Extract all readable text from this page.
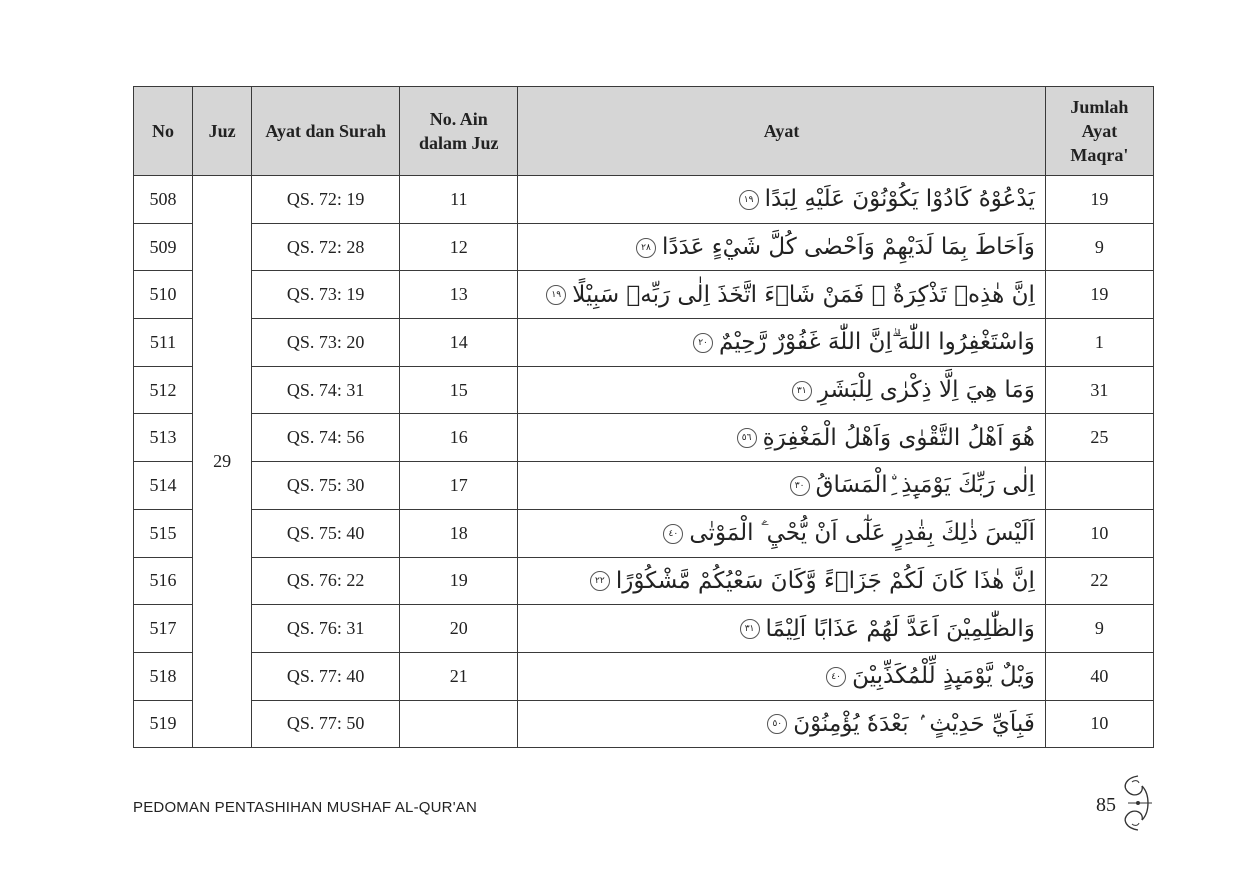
No	Juz	Ayat dan Surah	No. Ain dalam Juz	Ayat	Jumlah Ayat Maqra'
508	29	QS. 72: 19	11	يَدْعُوْهُ كَادُوْا يَكُوْنُوْنَ عَلَيْهِ لِبَدًا١٩	19
509		QS. 72: 28	12	وَاَحَاطَ بِمَا لَدَيْهِمْ وَاَحْصٰى كُلَّ شَيْءٍ عَدَدًا٢٨	9
510		QS. 73: 19	13	اِنَّ هٰذِهٖ تَذْكِرَةٌ ۚ فَمَنْ شَاۤءَ اتَّخَذَ اِلٰى رَبِّهٖ سَبِيْلًا١٩	19
511		QS. 73: 20	14	وَاسْتَغْفِرُوا اللّٰهَ ۗاِنَّ اللّٰهَ غَفُوْرٌ رَّحِيْمٌ٢٠	1
512		QS. 74: 31	15	وَمَا هِيَ اِلَّا ذِكْرٰى لِلْبَشَرِ٣١	31
513		QS. 74: 56	16	هُوَ اَهْلُ التَّقْوٰى وَاَهْلُ الْمَغْفِرَةِ٥٦	25
514		QS. 75: 30	17	اِلٰى رَبِّكَ يَوْمَىِٕذِ ِۨالْمَسَاقُ٣٠	
515		QS. 75: 40	18	اَلَيْسَ ذٰلِكَ بِقٰدِرٍ عَلٰٓى اَنْ يُّحْيِ َۧ الْمَوْتٰى٤٠	10
516		QS. 76: 22	19	اِنَّ هٰذَا كَانَ لَكُمْ جَزَاۤءً وَّكَانَ سَعْيُكُمْ مَّشْكُوْرًا٢٢	22
517		QS. 76: 31	20	وَالظّٰلِمِيْنَ اَعَدَّ لَهُمْ عَذَابًا اَلِيْمًا٣١	9
518		QS. 77: 40	21	وَيْلٌ يَّوْمَىِٕذٍ لِّلْمُكَذِّبِيْنَ٤٠	40
519		QS. 77: 50		فَبِاَيِّ حَدِيْثٍ ۢ بَعْدَهٗ يُؤْمِنُوْنَ٥٠	10
PEDOMAN PENTASHIHAN MUSHAF AL-QUR'AN	85
